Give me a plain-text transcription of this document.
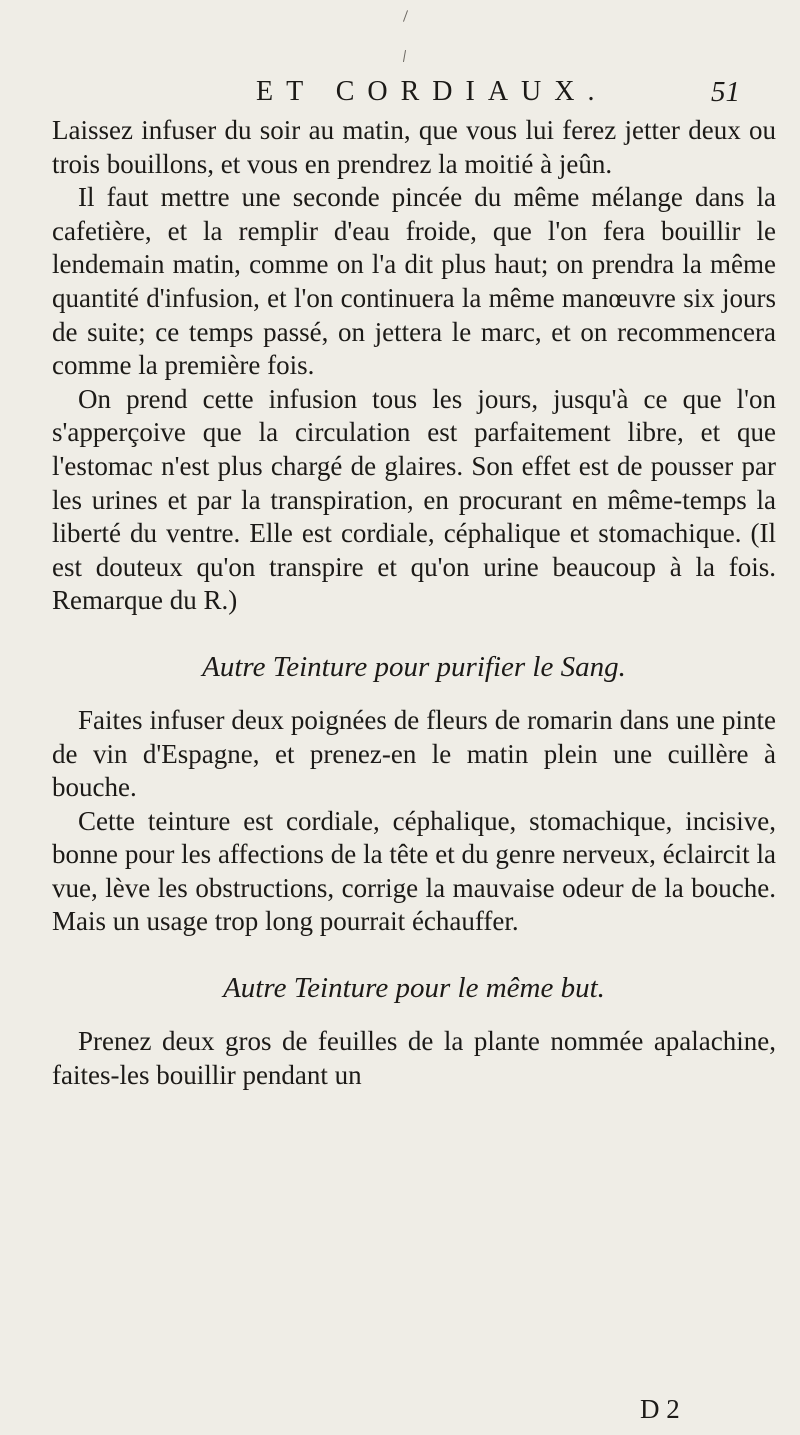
ET CORDIAUX.	51

Laissez infuser du soir au matin, que vous lui ferez jetter deux ou trois bouillons, et vous en prendrez la moitié à jeûn.

Il faut mettre une seconde pincée du même mélange dans la cafetière, et la remplir d'eau froide, que l'on fera bouillir le lendemain matin, comme on l'a dit plus haut; on prendra la même quantité d'infusion, et l'on continuera la même manœuvre six jours de suite; ce temps passé, on jettera le marc, et on recommencera comme la première fois.

On prend cette infusion tous les jours, jusqu'à ce que l'on s'apperçoive que la circulation est parfaitement libre, et que l'estomac n'est plus chargé de glaires. Son effet est de pousser par les urines et par la transpiration, en procurant en même-temps la liberté du ventre. Elle est cordiale, céphalique et stomachique. (Il est douteux qu'on transpire et qu'on urine beaucoup à la fois. Remarque du R.)

Autre Teinture pour purifier le Sang.

Faites infuser deux poignées de fleurs de romarin dans une pinte de vin d'Espagne, et prenez-en le matin plein une cuillère à bouche.

Cette teinture est cordiale, céphalique, stomachique, incisive, bonne pour les affections de la tête et du genre nerveux, éclaircit la vue, lève les obstructions, corrige la mauvaise odeur de la bouche. Mais un usage trop long pourrait échauffer.

Autre Teinture pour le même but.

Prenez deux gros de feuilles de la plante nommée apalachine, faites-les bouillir pendant un

D 2
